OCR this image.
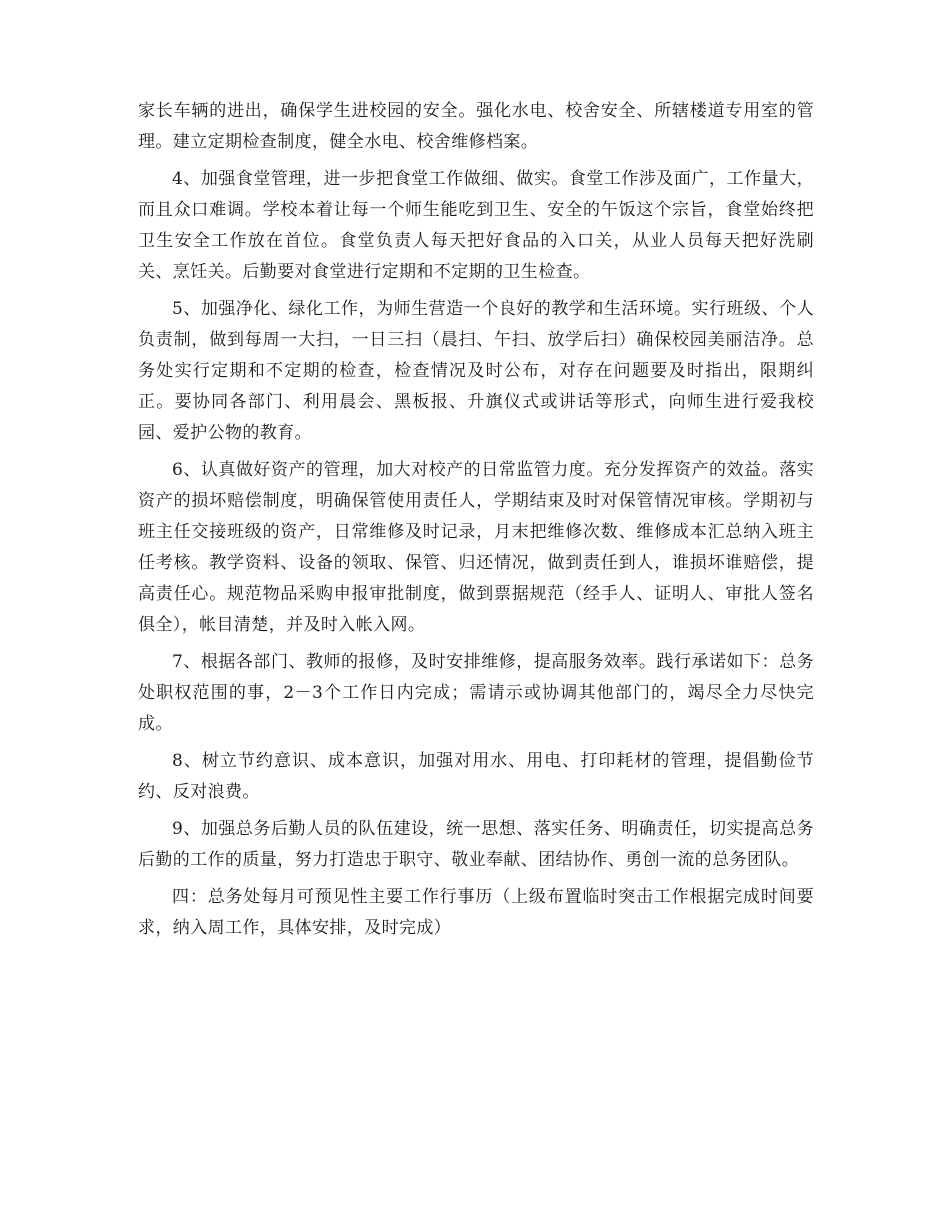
家长车辆的进出，确保学生进校园的安全。强化水电、校舍安全、所辖楼道专用室的管理。建立定期检查制度，健全水电、校舍维修档案。

4、加强食堂管理，进一步把食堂工作做细、做实。食堂工作涉及面广，工作量大，而且众口难调。学校本着让每一个师生能吃到卫生、安全的午饭这个宗旨，食堂始终把卫生安全工作放在首位。食堂负责人每天把好食品的入口关，从业人员每天把好洗刷关、烹饪关。后勤要对食堂进行定期和不定期的卫生检查。

5、加强净化、绿化工作，为师生营造一个良好的教学和生活环境。实行班级、个人负责制，做到每周一大扫，一日三扫（晨扫、午扫、放学后扫）确保校园美丽洁净。总务处实行定期和不定期的检查，检查情况及时公布，对存在问题要及时指出，限期纠正。要协同各部门、利用晨会、黑板报、升旗仪式或讲话等形式，向师生进行爱我校园、爱护公物的教育。

6、认真做好资产的管理，加大对校产的日常监管力度。充分发挥资产的效益。落实资产的损坏赔偿制度，明确保管使用责任人，学期结束及时对保管情况审核。学期初与班主任交接班级的资产，日常维修及时记录，月末把维修次数、维修成本汇总纳入班主任考核。教学资料、设备的领取、保管、归还情况，做到责任到人，谁损坏谁赔偿，提高责任心。规范物品采购申报审批制度，做到票据规范（经手人、证明人、审批人签名俱全），帐目清楚，并及时入帐入网。

7、根据各部门、教师的报修，及时安排维修，提高服务效率。践行承诺如下：总务处职权范围的事，2－3个工作日内完成；需请示或协调其他部门的，竭尽全力尽快完成。

8、树立节约意识、成本意识，加强对用水、用电、打印耗材的管理，提倡勤俭节约、反对浪费。

9、加强总务后勤人员的队伍建设，统一思想、落实任务、明确责任，切实提高总务后勤的工作的质量，努力打造忠于职守、敬业奉献、团结协作、勇创一流的总务团队。

四：总务处每月可预见性主要工作行事历（上级布置临时突击工作根据完成时间要求，纳入周工作，具体安排，及时完成）
